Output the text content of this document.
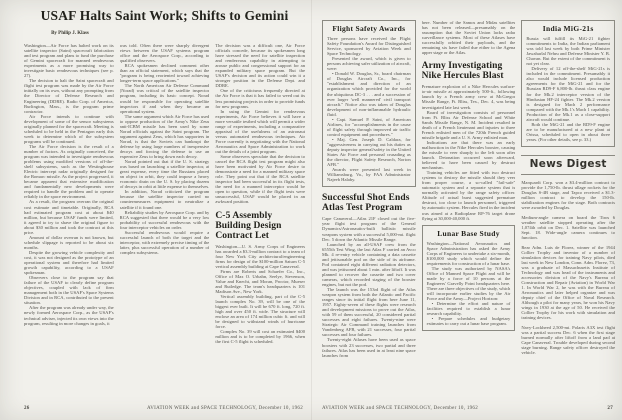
USAF Halts Saint Work; Shifts to Gemini
By Philip J. Klass

Washington—Air Force has halted work on its satellite inspector (Saint) spacecraft fabrication and test program and plans to fund the purchase of Gemini spacecraft for manned rendezvous experiments as a more promising way to investigate basic rendezvous techniques (see p. 27).

The decision to halt the Saint spacecraft and flight test program was made by the Air Force initially on its own, without any prompting from the Director of Defense Research and Engineering (DDRE). Radio Corp. of America, Burlington, Mass., is the program prime contractor.

Air Force intends to continue with development of some of the sensor subsystems originally planned for the spacecraft. Meeting is scheduled to be held in the Pentagon early this week to determine which of the subsystem programs will be continued.

The Air Force decision is the result of a number of factors. As originally conceived, the program was intended to investigate rendezvous problems using modified versions of off-the-shelf subsystems, such as the Westinghouse Electric intercept radar originally designed for the Bomarc missile. As the project progressed, it became apparent that extensive modification and fundamentally new developments were required to handle the problem and to operate reliably in the space environment.

As a result, the program overran the original cost estimate and timetable. Originally, RCA had estimated program cost at about $40 million, but because USAF funds were limited, it agreed to try to shave the original figure to about $30 million and took the contract at this price.

Amount of dollar overrun is not known, but schedule slippage is reported to be about six months.

Despite the growing vehicle complexity and cost, it was not designed as the prototype of an operational system and therefore had limited growth capability, according to a USAF spokesman.

Observers close to the program say that failure of the USAF to clearly define program objectives, coupled with lack of firm management both in the USAF's Space Systems Division and in RCA, contributed to the present situation.

After the program was already under way, the newly formed Aerospace Corp., as the USAF's technical adviser, injected its own views into the program, resulting in more changes in goals, it

was told. Often there were sharply divergent views between the USAF systems program office and the Aerospace Corp., according to qualified observers.

RCA spokesmen declined comment other than an official statement, which says that the "program is being reoriented toward achieving longer-term space applications."

The North American Air Defense Command (Norad) was critical of the satellite inspector program, including its basic concept. Norad would be responsible for operating satellite inspectors if and when they became an operational system.

The same argument which Air Force has used to oppose production of the Army's Nike Zeus anti-ICBM missile has been used by some Norad officials against the Saint program. The argument against Zeus, which has supporters in Norad, is that the Soviets can bankrupt the defense by using large numbers of inexpensive decoys and forcing the defense to use an expensive Zeus to bring down each decoy.

Norad pointed out that if the U. S. strategy was based on launching a satellite inspector, at great expense, every time the Russians placed an object in orbit, they could impose a heavy economic drain on the U. S. by placing dozens of decoys in orbit at little expense to themselves.

In addition, Norad criticized the program because the satellite inspector carried no countermeasures equipment to neutralize a satellite if it found one.

Reliability studies by Aerospace Corp. and by RCA suggested that there would be a very low probability of successful rendezvous with the four interceptor vehicles on order.

Successful rendezvous would require a successful launch of both the target and the interceptor, with extremely precise timing of the latter, plus successful operation of a number of complex subsystems.

The decision was a difficult one, Air Force officials concede, because its spokesmen long have stressed the need for satellite inspection and rendezvous capability in attempting to arouse public and congressional support for an expanded military space program. But the USAF's decision and its action could win it a stronger position in the Defense Dept. and DDRE.

One of the criticisms frequently directed at the Air Force is that it has failed to weed out its less promising projects in order to provide funds for new programs.

In using the Gemini for rendezvous experiments, Air Force believes it will have a more versatile testbed which will permit a wider range of experiments, including a comparative appraisal of the usefulness of an astronaut versus automated rendezvous techniques. Air Force currently is negotiating with the National Aeronautics and Space Administration to work out the details of a joint program.

Some observers speculate that the decision to cancel the RCA flight test program might also have been motivated by Air Force desire to demonstrate a need for a manned military space role. They point out that if the RCA satellite inspector had been successful in its flight tests, the need for a manned interceptor would be open to question, while if the flight tests were unsuccessful, USAF would be placed in an awkward position.

C-5 Assembly Building Design Contract Let

Washington—U. S. Army Corps of Engineers has awarded a $3.3-million contract to a team of four New York City architectural/engineering firms for design of the $100-million Saturn C-5 vertical assembly building at Cape Canaveral.

Firms are Roberts and Schaefer Co., Inc., Office of Max O. Urbahn, Seelye, Stevenson, Value and Knecht, and Moran, Proctor, Mueser and Rutledge. The team's headquarters is 101 Madison Ave., New York.

Vertical assembly building, part of the C-5 launch complex No. 39, will be one of the biggest ever built. It will be 670 ft. long, 720 ft. high and over 450 ft. wide. The structure will enclose an area of 174 million cubic ft. and will be designed to withstand winds of hurricane force.

Complex No. 39 will cost an estimated $400 million and is to be completed by 1966, when the first C-5 flight is scheduled.

26	AVIATION WEEK and SPACE TECHNOLOGY, December 10, 1962
Flight Safety Awards

Three persons have received the Flight Safety Foundation's Award for Distinguished Service, sponsored by Aviation Week and Space Technology.

Presented the award, which is given to persons achieving safer utilization of aircraft, were:

• Donald W. Douglas, Sr., board chairman of Douglas Aircraft Co., Inc., for "establishment and direction of an organization which provided for the world the ubiquitous DC-3 . . . and a succession of ever larger 'well mannered' civil transport aircraft." Notice also was taken of Douglas development of non-inflammable hydraulic fluid.

• Capt. Samuel P. Saint, of American Airlines, for "accomplishments in the cause of flight safety through improved air traffic control equipment and procedures."

• Maj. Gen. Joseph D. Caldara, for "aggressiveness in carrying out his duties as deputy inspector general/safety in the United States Air Force and personal crusading as the director, Flight Safety Research, Norton AFB."

Awards were presented last week in Williamsburg, Va., by FAA Administrator Najeeb Halaby.

Successful Shot Ends Atlas Test Program

Cape Canaveral—Atlas 21F closed out the five-year flight test program of the General Dynamics/Astronautics-built ballistic missile weapons system with a successful 5,000-mi. flight Dec. 5 down the Atlantic Missile Range.

Launched by an all-USAF crew from the 6555th Test Wing, the last Atlas F carried an Avco Mk. 4 re-entry vehicle containing a data cassette and jettisonable pod on the side of its airframe. Pod contained eight different radiation detectors, and was jettisoned about 1 min. after liftoff. It was planned to recover the cassette and two cover cameras, which recorded staging of the booster engines, but not the pod.

The launch was the 153rd flight of the Atlas weapon system from both the Atlantic and Pacific ranges since its initial flight from here June 11, 1957. Eighty-seven of these flights were research and development missions to prove out the Atlas, with 59 of them successful, 20 considered partial successes and eight failures. Twenty-nine were Strategic Air Command training launches from Vandenberg AFB, with 21 successes, four partial successes and four failures.

Twenty-eight Atlases have been used as space boosters with 23 successes, two partial and three failures. Atlas has been used in at least nine space launches from

here. Number of the Samos and Midas satellites has not been released—presumably on the assumption that the Soviet Union lacks radar surveillance systems. Most of these Atlases have successfully orbited their payloads, and the remaining six have failed due either to the Agena upper stage or the Atlas.

Army Investigating Nike Hercules Blast

Premature explosion of a Nike Hercules surface-to-air missile at approximately 500-ft., following launch by a French army crew at McGregor Missile Range, Ft. Bliss, Tex., Dec. 4, was being investigated late last week.

Board of investigation consists of personnel from Ft. Bliss Air Defense School and White Sands Missile Range, N. M. Incident resulted in death of a French lieutenant and injuries to three French enlisted men of the 720th French guided missile brigade and a U. S. Army enlisted man.

Indications are that there was an early malfunction in the Nike Hercules booster, causing the missile to veer sharply to the left soon after launch. Detonation occurred soon afterward, believed to have been caused by destruct mechanism.

Training vehicles are fitted with two destruct systems to destroy the missile should they veer from proper course, a so-called "fail-safe" automatic system and a separate system that is normally activated by the range safety officer. Altitude of actual burst suggested premature destruct, too close to launch personnel, triggered by automatic system. Hercules fired in the incident was aimed at a Radioplane RP-76 target drone flying at 30,000-40,000 ft.

Lunar Base Study

Washington—National Aeronautics and Space Administration has asked the Army Corps of Engineers to undertake a six-month, $100,000 study which would define the requirements for construction of a lunar base.

The study was authorized by NASA's Office of Manned Space Flight and will be made by a force of 10 persons at the Engineers' Gravelly Point headquarters here. There are three objectives of the study, which will incorporate earlier studies by the Air Force and the Army—Project Horizon:

• Determine the effort and nature of facilities required to establish a lunar research capability.

• Prepare schedules and budgetary estimates to carry out a lunar base program.

India MiG-21s

Russia will fulfill its MiG-21 fighter commitments to India, the Indian parliament was told last week by both Prime Minister Jawaharlal Nehru and Defense Minister Y. B. Chavan. But the extent of the commitment is not yet clear.

Delivery of 12 off-the-shelf MiG-21s is included in the commitment. Presumably it also would include licensed production agreements for the MiG-21 and for the Russian RD9-F 6,800-lb. thrust class engine for the Mk.2 interceptor version of the Hindustan HF-24 fighter. The Mk.2 version is designed for Mach 2 performance compared with the Mk.1's Mach 1 capability. Production of the Mk.1 as a close-support aircraft would continue.

Both the MiG-21 and the RD9-F engine are to be manufactured at a new plant at Orissa, scheduled to open in about three years. (For other details, see p. 33.)

News Digest

Marquardt Corp. won a $3.4-million contract to provide the 1,750-lb. thrust ullage rockets for the Douglas S-4B stage, and Tapco received a $1.3-million contract to develop the 150-lb. stabilization engines for the stage. Both contracts were awarded by Douglas.

Medium-angle camera on board the Tiros 6 weather satellite stopped operating after the 1,074th orbit on Dec. 1. Satellite was launched Sept. 18. Wide-angle camera continues to function.

Rear Adm. Luis de Florez, winner of the 1944 Collier Trophy and inventor of a number of simulation devices for training Navy pilots, died last week in New London, Conn. Adm. Florez, 73, was a graduate of Massachusetts Institute of Technology and was head of the instruments and accessories division of the Navy's Bureau of Construction and Repair (Aviation) in World War 1. In World War 2, he was with the Bureau of Aeronautics and later helped organize and was deputy chief of the Office of Naval Research. Although a pilot for many years, he won his Navy wings in 1930 at the age of 50. He received the Collier Trophy for his work with simulation and training devices.

Navy-Lockheed 2,500-mi. Polaris A3X test flight was a partial success Dec. 6 when the first stage burned normally after liftoff from a land pad at Cape Canaveral. Trouble developed during second stage burning. Range safety officer destroyed the vehicle.

AVIATION WEEK and SPACE TECHNOLOGY, December 10, 1962	27
